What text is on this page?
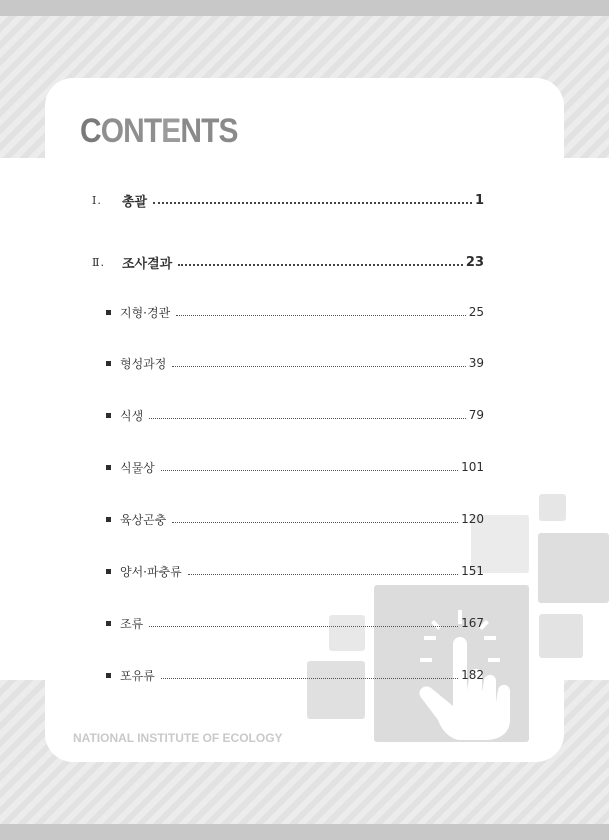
CONTENTS
Ⅰ.	총괄	1
Ⅱ.	조사결과	23
지형·경관	25
형성과정	39
식생	79
식물상	101
육상곤충	120
양서·파충류	151
조류	167
포유류	182
NATIONAL INSTITUTE OF ECOLOGY
